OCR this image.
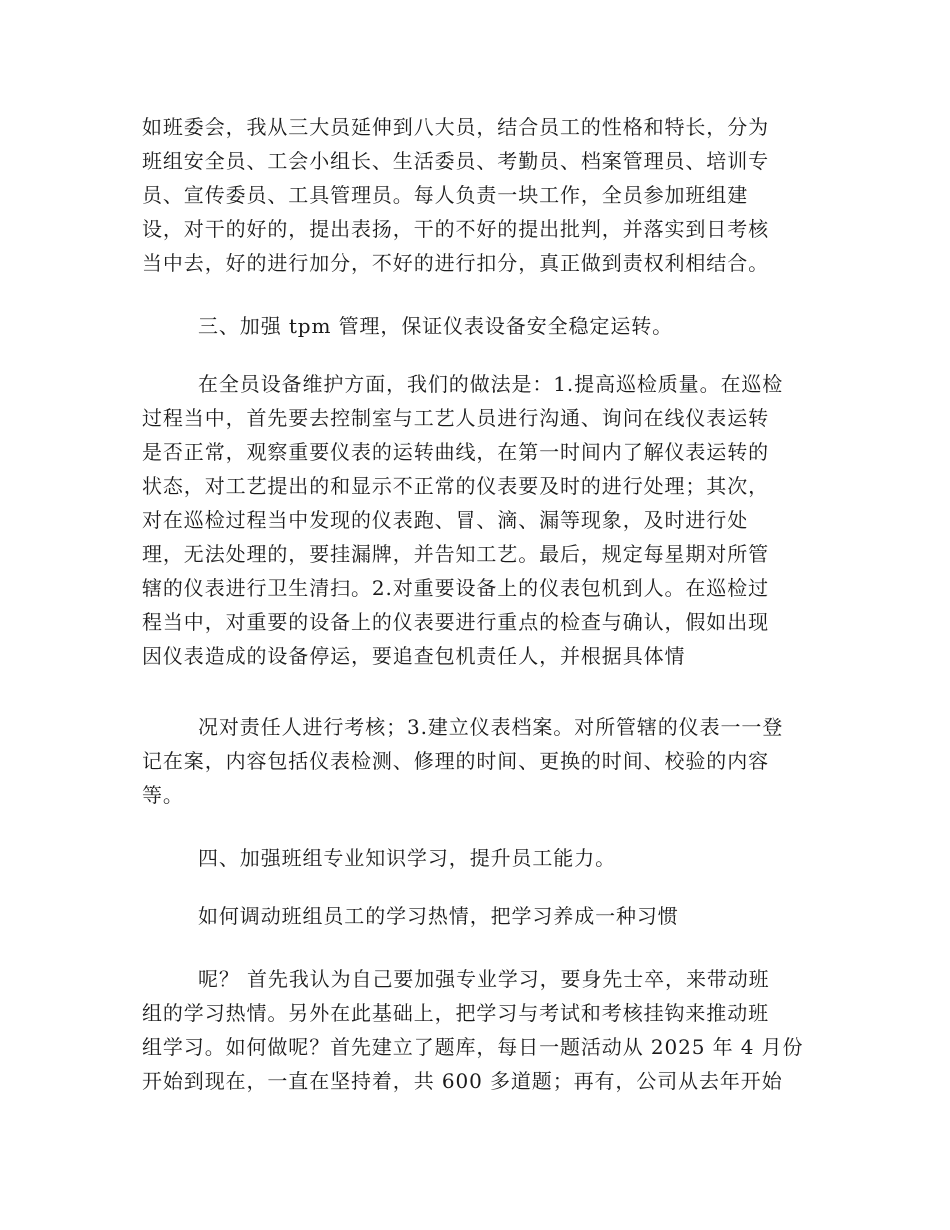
如班委会，我从三大员延伸到八大员，结合员工的性格和特长，分为
班组安全员、工会小组长、生活委员、考勤员、档案管理员、培训专
员、宣传委员、工具管理员。每人负责一块工作，全员参加班组建
设，对干的好的，提出表扬，干的不好的提出批判，并落实到日考核
当中去，好的进行加分，不好的进行扣分，真正做到责权利相结合。
三、加强 tpm 管理，保证仪表设备安全稳定运转。
在全员设备维护方面，我们的做法是：1.提高巡检质量。在巡检
过程当中，首先要去控制室与工艺人员进行沟通、询问在线仪表运转
是否正常，观察重要仪表的运转曲线，在第一时间内了解仪表运转的
状态，对工艺提出的和显示不正常的仪表要及时的进行处理；其次，
对在巡检过程当中发现的仪表跑、冒、滴、漏等现象，及时进行处
理，无法处理的，要挂漏牌，并告知工艺。最后，规定每星期对所管
辖的仪表进行卫生清扫。2.对重要设备上的仪表包机到人。在巡检过
程当中，对重要的设备上的仪表要进行重点的检查与确认，假如出现
因仪表造成的设备停运，要追查包机责任人，并根据具体情
况对责任人进行考核；3.建立仪表档案。对所管辖的仪表一一登
记在案，内容包括仪表检测、修理的时间、更换的时间、校验的内容
等。
四、加强班组专业知识学习，提升员工能力。
如何调动班组员工的学习热情，把学习养成一种习惯
呢？ 首先我认为自己要加强专业学习，要身先士卒，来带动班
组的学习热情。另外在此基础上，把学习与考试和考核挂钩来推动班
组学习。如何做呢？首先建立了题库，每日一题活动从 2025 年 4 月份
开始到现在，一直在坚持着，共 600 多道题；再有，公司从去年开始
